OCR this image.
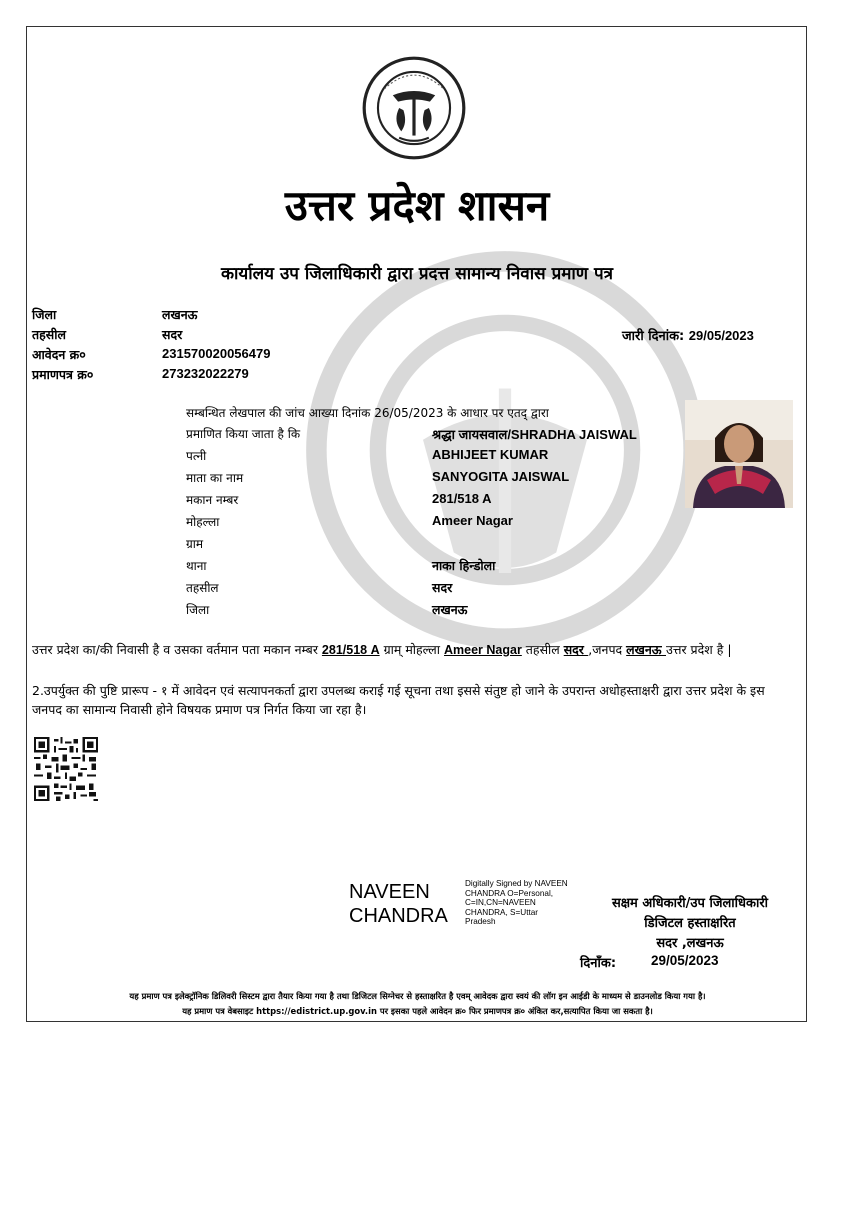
उत्तर प्रदेश शासन
कार्यालय उप जिलाधिकारी द्वारा प्रदत्त सामान्य निवास प्रमाण पत्र
जिला	लखनऊ
तहसील	सदर
आवेदन क्र०	231570020056479
प्रमाणपत्र क्र०	273232022279
जारी दिनांक: 29/05/2023
सम्बन्धित लेखपाल की जांच आख्या दिनांक 26/05/2023 के आधार पर एतद् द्वारा
प्रमाणित किया जाता है कि	श्रद्धा जायसवाल/SHRADHA JAISWAL
पत्नी	ABHIJEET KUMAR
माता का नाम	SANYOGITA JAISWAL
मकान नम्बर	281/518 A
मोहल्ला	Ameer Nagar
ग्राम
थाना	नाका हिन्डोला
तहसील	सदर
जिला	लखनऊ
उत्तर प्रदेश का/की निवासी है व उसका वर्तमान पता मकान नम्बर 281/518 A ग्राम् मोहल्ला Ameer Nagar तहसील सदर ,जनपद लखनऊ उत्तर प्रदेश है |
2.उपर्युक्त की पुष्टि प्रारूप - १ में आवेदन एवं सत्यापनकर्ता द्वारा उपलब्ध कराई गई सूचना तथा इससे संतुष्ट हो जाने के उपरान्त अधोहस्ताक्षरी द्वारा उत्तर प्रदेश के इस जनपद का सामान्य निवासी होने विषयक प्रमाण पत्र निर्गत किया जा रहा है।
NAVEEN
CHANDRA
Digitally Signed by NAVEEN
CHANDRA O=Personal,
C=IN,CN=NAVEEN
CHANDRA, S=Uttar
Pradesh
सक्षम अधिकारी/उप जिलाधिकारी
डिजिटल हस्ताक्षरित
सदर ,लखनऊ
दिनाँक:	29/05/2023
यह प्रमाण पत्र इलेक्ट्रॉनिक डिलिवरी सिस्टम द्वारा तैयार किया गया है तथा डिजिटल सिग्नेचर से हस्ताक्षरित है एवम् आवेदक द्वारा स्वयं की लॉग इन आईडी के माध्यम से डाउनलोड किया गया है।
यह प्रमाण पत्र वेबसाइट https://edistrict.up.gov.in पर इसका पहले आवेदन क्र० फिर प्रमाणपत्र क्र० अंकित कर,सत्यापित किया जा सकता है।
